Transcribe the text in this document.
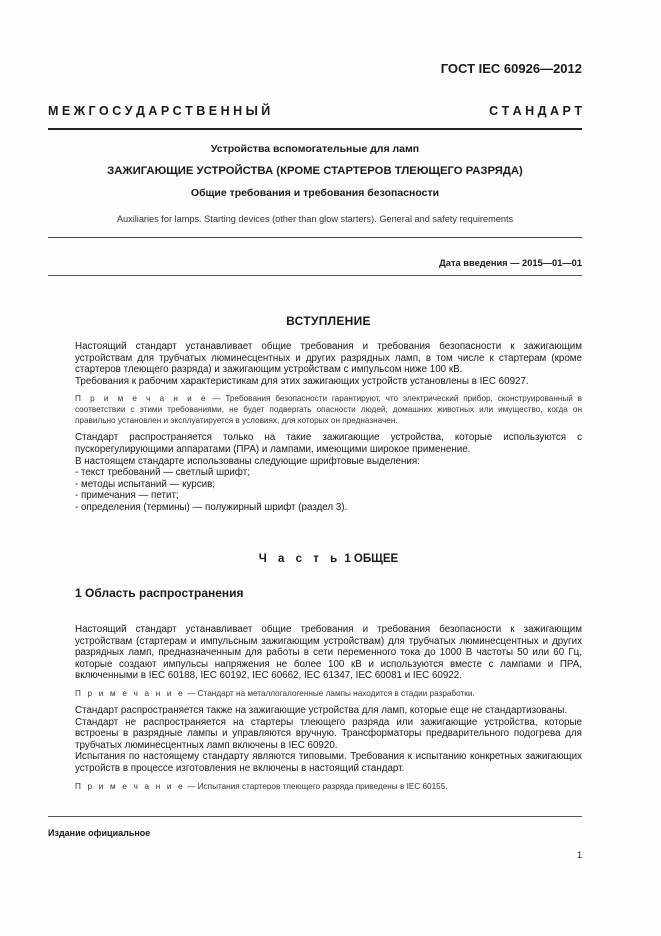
ГОСТ IEC 60926—2012
М Е Ж Г О С У Д А Р С Т В Е Н Н Ы Й	С Т А Н Д А Р Т
Устройства вспомогательные для ламп
ЗАЖИГАЮЩИЕ УСТРОЙСТВА (КРОМЕ СТАРТЕРОВ ТЛЕЮЩЕГО РАЗРЯДА)
Общие требования и требования безопасности
Auxiliaries for lamps. Starting devices (other than glow starters). General and safety requirements
Дата введения — 2015—01—01
ВСТУПЛЕНИЕ

Настоящий стандарт устанавливает общие требования и требования безопасности к зажигающим устройствам для трубчатых люминесцентных и других разрядных ламп, в том числе к стартерам (кроме стартеров тлеющего разряда) и зажигающим устройствам с импульсом ниже 100 кВ.

Требования к рабочим характеристикам для этих зажигающих устройств установлены в IEC 60927.

П р и м е ч а н и е — Требования безопасности гарантируют, что электрический прибор, сконструированный в соответствии с этими требованиями, не будет подвергать опасности людей, домашних животных или имущество, когда он правильно установлен и эксплуатируется в условиях, для которых он предназначен.

Стандарт распространяется только на такие зажигающие устройства, которые используются с пускорегулирующими аппаратами (ПРА) и лампами, имеющими широкое применение.

В настоящем стандарте использованы следующие шрифтовые выделения:

- текст требований — светлый шрифт;
- методы испытаний — курсив;
- примечания — петит;
- определения (термины) — полужирный шрифт (раздел 3).
Ч а с т ь 1 ОБЩЕЕ
1 Область распространения

Настоящий стандарт устанавливает общие требования и требования безопасности к зажигающим устройствам (стартерам и импульсным зажигающим устройствам) для трубчатых люминесцентных и других разрядных ламп, предназначенным для работы в сети переменного тока до 1000 В частоты 50 или 60 Гц, которые создают импульсы напряжения не более 100 кВ и используются вместе с лампами и ПРА, включенными в IEC 60188, IEC 60192, IEC 60662, IEC 61347, IEC 60081 и IEC 60922.

П р и м е ч а н и е — Стандарт на металлогалогенные лампы находится в стадии разработки.

Стандарт распространяется также на зажигающие устройства для ламп, которые еще не стандартизованы.

Стандарт не распространяется на стартеры тлеющего разряда или зажигающие устройства, которые встроены в разрядные лампы и управляются вручную. Трансформаторы предварительного подогрева для трубчатых люминесцентных ламп включены в IEC 60920.

Испытания по настоящему стандарту являются типовыми. Требования к испытанию конкретных зажигающих устройств в процессе изготовления не включены в настоящий стандарт.

П р и м е ч а н и е — Испытания стартеров тлеющего разряда приведены в IEC 60155.

Издание официальное
1
